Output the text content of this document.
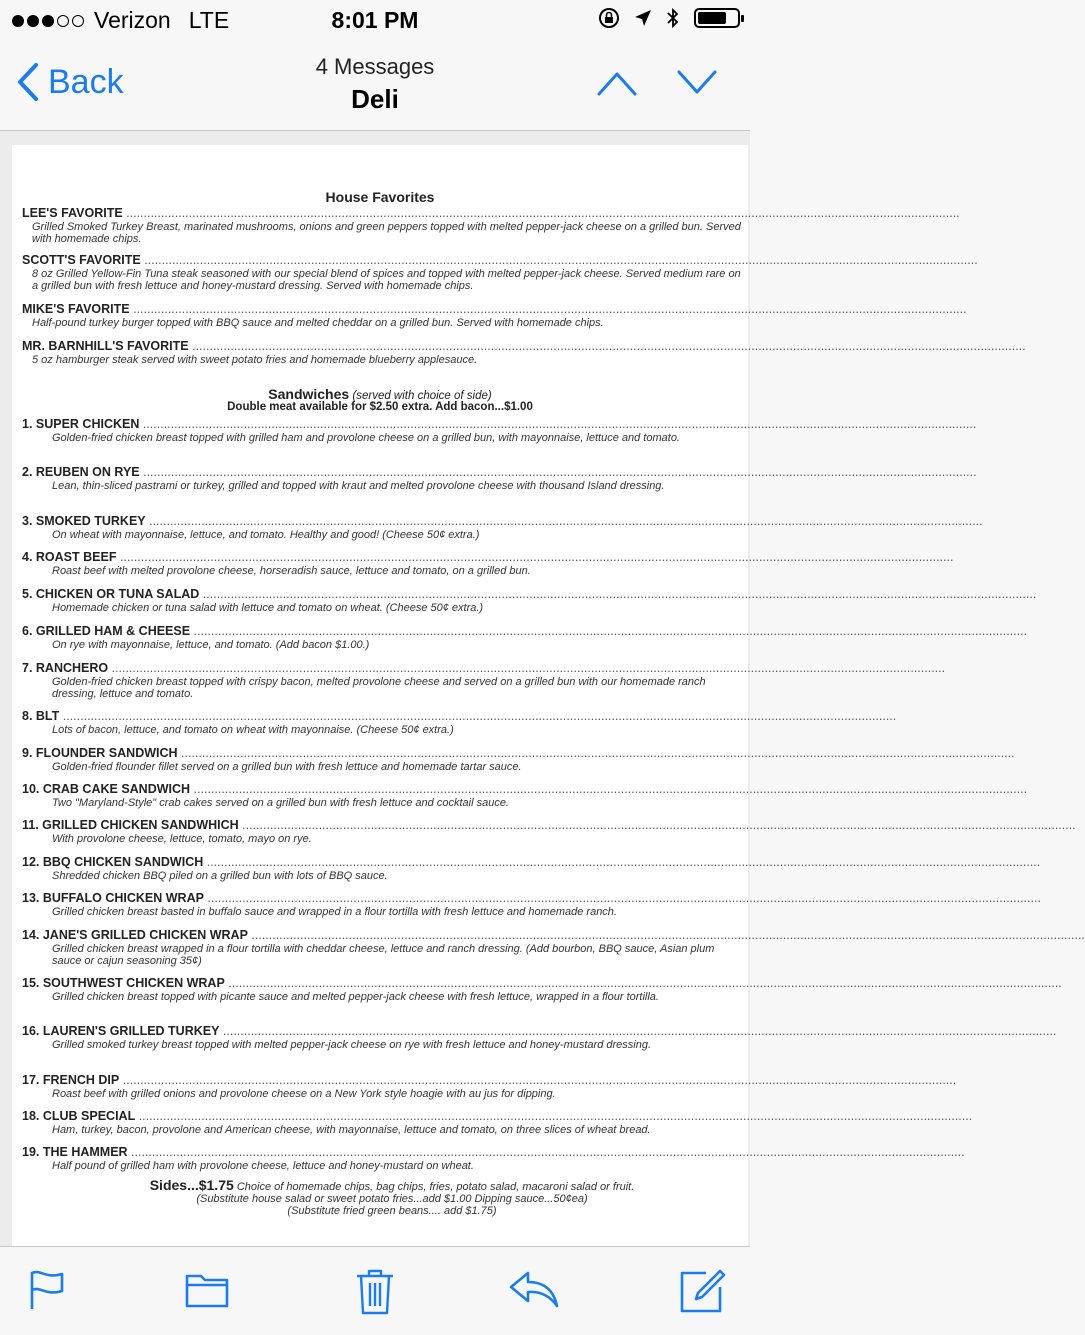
Verizon LTE	8:01 PM
Back	4 Messages
Deli
House Favorites
LEE'S FAVORITE .....
Grilled Smoked Turkey Breast, marinated mushrooms, onions and green peppers topped with melted pepper-jack cheese on a grilled bun. Served with homemade chips.
SCOTT'S FAVORITE .....
8 oz Grilled Yellow-Fin Tuna steak seasoned with our special blend of spices and topped with melted pepper-jack cheese. Served medium rare on a grilled bun with fresh lettuce and honey-mustard dressing. Served with homemade chips.
MIKE'S FAVORITE .....
Half-pound turkey burger topped with BBQ sauce and melted cheddar on a grilled bun. Served with homemade chips.
MR. BARNHILL'S FAVORITE .....
5 oz hamburger steak served with sweet potato fries and homemade blueberry applesauce.
Sandwiches (served with choice of side)
Double meat available for $2.50 extra. Add bacon...$1.00
1. SUPER CHICKEN .....
Golden-fried chicken breast topped with grilled ham and provolone cheese on a grilled bun, with mayonnaise, lettuce and tomato.
2. REUBEN ON RYE .....
Lean, thin-sliced pastrami or turkey, grilled and topped with kraut and melted provolone cheese with thousand Island dressing.
3. SMOKED TURKEY .....
On wheat with mayonnaise, lettuce, and tomato. Healthy and good! (Cheese 50¢ extra.)
4. ROAST BEEF .....
Roast beef with melted provolone cheese, horseradish sauce, lettuce and tomato, on a grilled bun.
5. CHICKEN OR TUNA SALAD .....
Homemade chicken or tuna salad with lettuce and tomato on wheat. (Cheese 50¢ extra.)
6. GRILLED HAM & CHEESE .....
On rye with mayonnaise, lettuce, and tomato. (Add bacon $1.00.)
7. RANCHERO .....
Golden-fried chicken breast topped with crispy bacon, melted provolone cheese and served on a grilled bun with our homemade ranch dressing, lettuce and tomato.
8. BLT .....
Lots of bacon, lettuce, and tomato on wheat with mayonnaise. (Cheese 50¢ extra.)
9. FLOUNDER SANDWICH .....
Golden-fried flounder fillet served on a grilled bun with fresh lettuce and homemade tartar sauce.
10. CRAB CAKE SANDWICH .....
Two "Maryland-Style" crab cakes served on a grilled bun with fresh lettuce and cocktail sauce.
11. GRILLED CHICKEN SANDWHICH .....
With provolone cheese, lettuce, tomato, mayo on rye.
12. BBQ CHICKEN SANDWICH .....
Shredded chicken BBQ piled on a grilled bun with lots of BBQ sauce.
13. BUFFALO CHICKEN WRAP .....
Grilled chicken breast basted in buffalo sauce and wrapped in a flour tortilla with fresh lettuce and homemade ranch.
14. JANE'S GRILLED CHICKEN WRAP .....
Grilled chicken breast wrapped in a flour tortilla with cheddar cheese, lettuce and ranch dressing. (Add bourbon, BBQ sauce, Asian plum sauce or cajun seasoning 35¢)
15. SOUTHWEST CHICKEN WRAP .....
Grilled chicken breast topped with picante sauce and melted pepper-jack cheese with fresh lettuce, wrapped in a flour tortilla.
16. LAUREN'S GRILLED TURKEY .....
Grilled smoked turkey breast topped with melted pepper-jack cheese on rye with fresh lettuce and honey-mustard dressing.
17. FRENCH DIP .....
Roast beef with grilled onions and provolone cheese on a New York style hoagie with au jus for dipping.
18. CLUB SPECIAL .....
Ham, turkey, bacon, provolone and American cheese, with mayonnaise, lettuce and tomato, on three slices of wheat bread.
19. THE HAMMER .....
Half pound of grilled ham with provolone cheese, lettuce and honey-mustard on wheat.
Sides...$1.75 Choice of homemade chips, bag chips, fries, potato salad, macaroni salad or fruit.
(Substitute house salad or sweet potato fries...add $1.00 Dipping sauce...50¢ea)
(Substitute fried green beans.... add $1.75)
